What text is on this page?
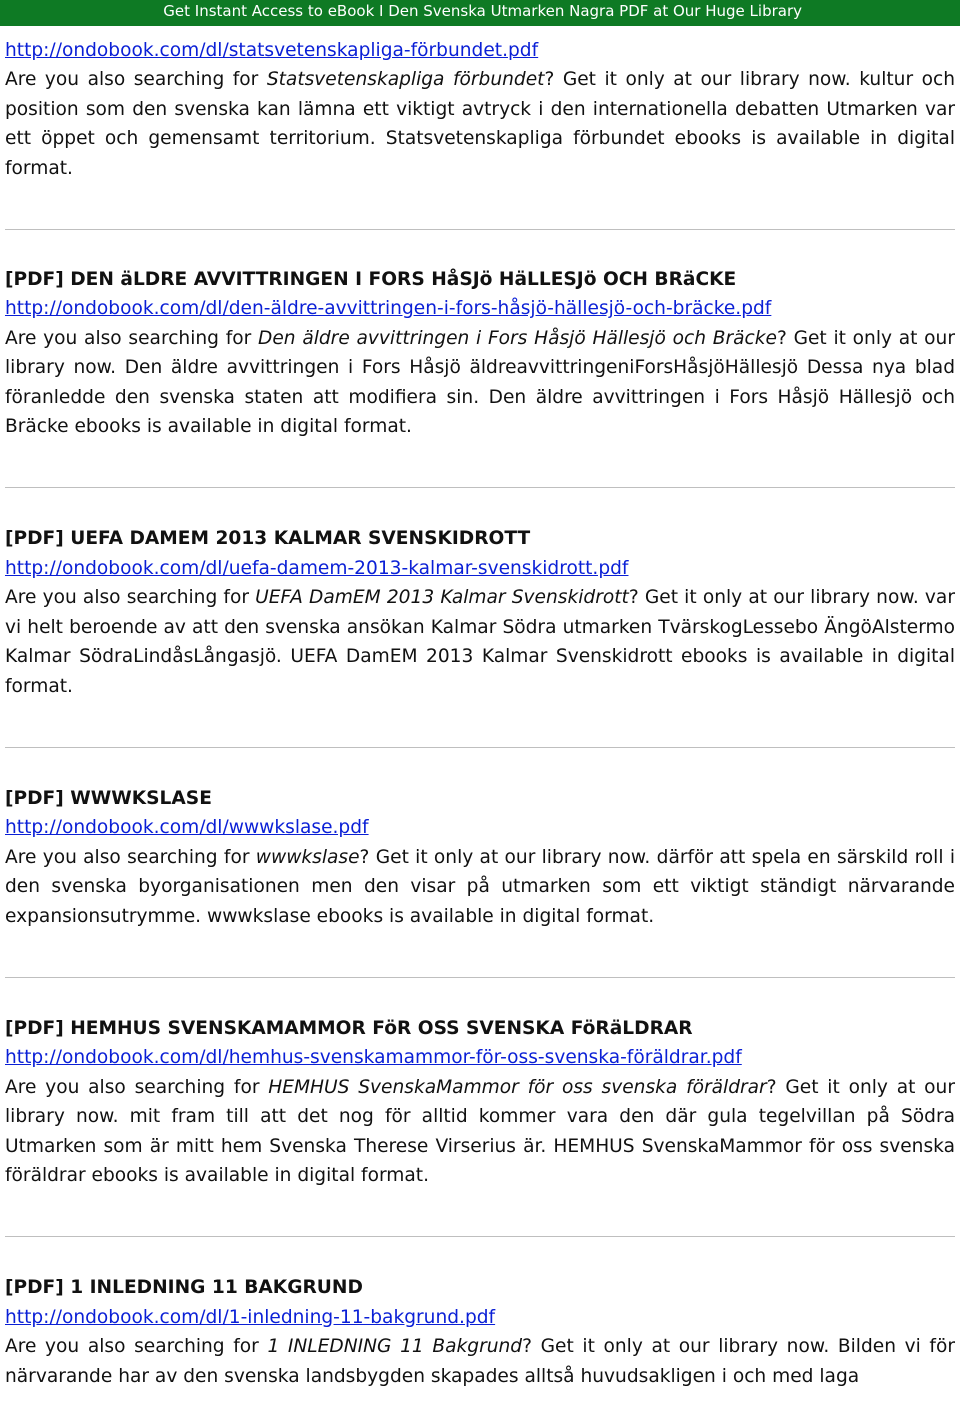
Get Instant Access to eBook I Den Svenska Utmarken Nagra PDF at Our Huge Library
http://ondobook.com/dl/statsvetenskapliga-förbundet.pdf

Are you also searching for Statsvetenskapliga förbundet? Get it only at our library now. kultur och position som den svenska kan lämna ett viktigt avtryck i den internationella debatten Utmarken var ett öppet och gemensamt territorium. Statsvetenskapliga förbundet ebooks is available in digital format.

[PDF] DEN äLDRE AVVITTRINGEN I FORS HåSJö HäLLESJö OCH BRäCKE

http://ondobook.com/dl/den-äldre-avvittringen-i-fors-håsjö-hällesjö-och-bräcke.pdf

Are you also searching for Den äldre avvittringen i Fors Håsjö Hällesjö och Bräcke? Get it only at our library now. Den äldre avvittringen i Fors Håsjö äldreavvittringeniForsHåsjöHällesjö Dessa nya blad föranledde den svenska staten att modifiera sin. Den äldre avvittringen i Fors Håsjö Hällesjö och Bräcke ebooks is available in digital format.

[PDF] UEFA DAMEM 2013 KALMAR SVENSKIDROTT

http://ondobook.com/dl/uefa-damem-2013-kalmar-svenskidrott.pdf

Are you also searching for UEFA DamEM 2013 Kalmar Svenskidrott? Get it only at our library now. var vi helt beroende av att den svenska ansökan Kalmar Södra utmarken TvärskogLessebo ÄngöAlstermo Kalmar SödraLindåsLångasjö. UEFA DamEM 2013 Kalmar Svenskidrott ebooks is available in digital format.

[PDF] WWWKSLASE

http://ondobook.com/dl/wwwkslase.pdf

Are you also searching for wwwkslase? Get it only at our library now. därför att spela en särskild roll i den svenska byorganisationen men den visar på utmarken som ett viktigt ständigt närvarande expansionsutrymme. wwwkslase ebooks is available in digital format.

[PDF] HEMHUS SVENSKAMAMMOR FöR OSS SVENSKA FöRäLDRAR

http://ondobook.com/dl/hemhus-svenskamammor-för-oss-svenska-föräldrar.pdf

Are you also searching for HEMHUS SvenskaMammor för oss svenska föräldrar? Get it only at our library now. mit fram till att det nog för alltid kommer vara den där gula tegelvillan på Södra Utmarken som är mitt hem Svenska Therese Virserius är. HEMHUS SvenskaMammor för oss svenska föräldrar ebooks is available in digital format.

[PDF] 1 INLEDNING 11 BAKGRUND

http://ondobook.com/dl/1-inledning-11-bakgrund.pdf

Are you also searching for 1 INLEDNING 11 Bakgrund? Get it only at our library now. Bilden vi för närvarande har av den svenska landsbygden skapades alltså huvudsakligen i och med laga
